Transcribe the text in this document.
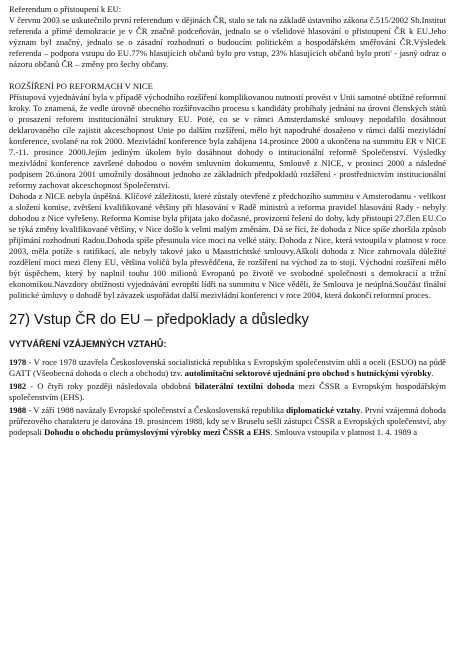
Referendum o přistoupení k EU:

V červnu 2003 se uskutečnilo první referendum v dějinách ČR, stalo se tak na základě ústavního zákona č.515/2002 Sb.Institut referenda a přímé demokracie je v ČR značně podceňován, jednalo se o všelidové hlasování o přistoupení ČR k EU.Jeho význam byl značný, jednalo se o zásadní rozhodnutí o budoucím politickém a hospodářském směřování ČR.Výsledek referenda – podpora vstupu do EU.77% hlasujících občanů bylo pro vstup, 23% hlasujících občanů bylo proti' - jasný odraz o názoru občanů ČR – změny pro šechy občany.

ROZŠÍŘENÍ PO REFORMACH V NICE

Přístupová vyjednávání byla v případě východního rozšíření komplikovanou nutností provést v Unii samotné obtížné reformní kroky. To znamená, že vedle úrovně obecného rozšiřovacího procesu s kandidáty probíhaly jednání na úrovni členských států o prosazení reforem institucionální struktury EU. Poté, co se v rámci Amsterdamské smlouvy nepodařilo dosáhnout deklarovaného cíle zajistit akceschopnost Unie po dalším rozšíření, mělo být napodruhé dosaženo v rámci další mezivládní konference, svolané na rok 2000. Mezivládní konference byla zahájena 14.prosince 2000 a ukončena na summitu ER v NICE 7.-11. prosince 2000.Jejím jediným úkolem bylo dosáhnout dohody o intitucionální reformě Společenství. Výsledky mezivládní konference završené dohodou o novém smluvním dokumentu, Smlouvě z NICE, v prosinci 2000 a následné podpisem 26.února 2001 umožnily dosáhnout jednoho ze základních předpokladů rozšíření - prostřednictvím institucionální reformy zachovat akceschopnost Společenství.

Dohoda z NICE nebyla úspěšná. Klíčové záležitosti, které zůstaly otevřené z předchozího summitu v Amsterodamu - velikost a složení komise, zvětšení kvalifikované většiny při hlasování v Radě ministrů a reforma pravidel hlasování Rady - nebyly dohodou z Nice vyřešeny. Reforma Komise byla přijata jako dočasné, provizorní řešení do doby, kdy přistoupí 27.člen EU.Co se týká změny kvalifikované většiny, v Nice došlo k velmi malým změnám. Dá se říci, že dohoda z Nice spíše zhoršila způsob přijímání rozhodnutí Radou.Dohoda spíše přesunula více moci na velké státy. Dohoda z Nice, která vstoupila v platnost v roce 2003, měla potíže s ratifikací, ale nebyly takové jako u Maastrichtské smlouvy.Aškoli dohoda z Nice zahrnovala důležité rozdělení moci mezi členy EU, většina voličů byla přesvědčena, že rozšíření na východ za to stojí. Východní rozšíření mělo být úspěchem, který by naplnil touhu 100 milionů Evropanů po životě ve svobodné společnosti s demokracií a tržní ekonomikou.Navzdory obtížnosti vyjednávání evropští lídři na summitu v Nice věděli, že Smlouva je neúplná.Součást finální politické úmluvy o dohodě byl závazek uspořádat další mezivládní konferenci v roce 2004, která dokončí reformní proces.

27) Vstup ČR do EU – předpoklady a důsledky
VYTVÁŘENÍ VZÁJEMNÝCH VZTAHŮ:

1978 - V roce 1978 uzavřela Československá socialistická republika s Evropským společenstvím uhlí a oceli (ESUO) na půdě GATT (Všeobecná dohoda o clech a obchodu) tzv. autolimitační sektorové ujednání pro obchod s hutnickými výrobky.

1982 - O čtyři roky později následovala obdobná bilaterální textilní dohoda mezi ČSSR a Evropským hospodářským společenstvím (EHS).

1988 - V září 1988 navázaly Evropské společenství a Československá republika diplomatické vztahy. První vzájemná dohoda průřezového charakteru je datována 19. prosincem 1988, kdy se v Bruselu sešli zástupci ČSSR a Evropských společenství, aby podepsali Dohodu o obchodu průmyslovými výrobky mezi ČSSR a EHS. Smlouva vstoupila v platnost 1. 4. 1989 a
